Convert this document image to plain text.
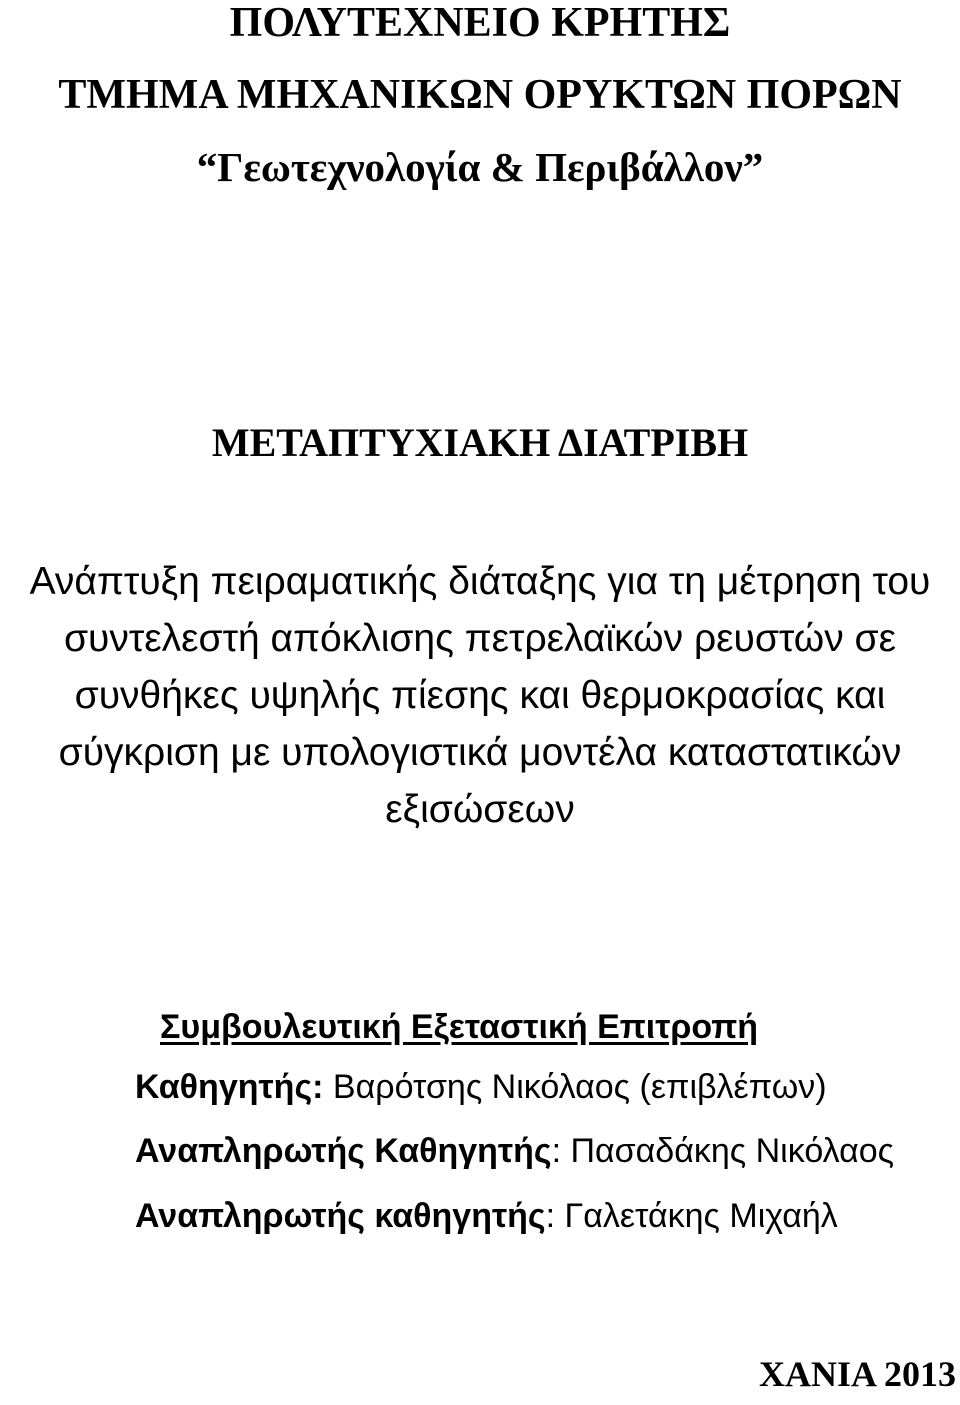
ΠΟΛΥΤΕΧΝΕΙΟ ΚΡΗΤΗΣ
ΤΜΗΜΑ ΜΗΧΑΝΙΚΩΝ ΟΡΥΚΤΩΝ ΠΟΡΩΝ
“Γεωτεχνολογία & Περιβάλλον”
ΜΕΤΑΠΤΥΧΙΑΚΗ ΔΙΑΤΡΙΒΗ
Ανάπτυξη πειραματικής διάταξης για τη μέτρηση του
συντελεστή απόκλισης πετρελαϊκών ρευστών σε
συνθήκες υψηλής πίεσης και θερμοκρασίας και
σύγκριση με υπολογιστικά μοντέλα καταστατικών
εξισώσεων
Συμβουλευτική Εξεταστική Επιτροπή
Καθηγητής: Βαρότσης Νικόλαος (επιβλέπων)
Αναπληρωτής Καθηγητής: Πασαδάκης Νικόλαος
Αναπληρωτής καθηγητής: Γαλετάκης Μιχαήλ
ΧΑΝΙΑ 2013
